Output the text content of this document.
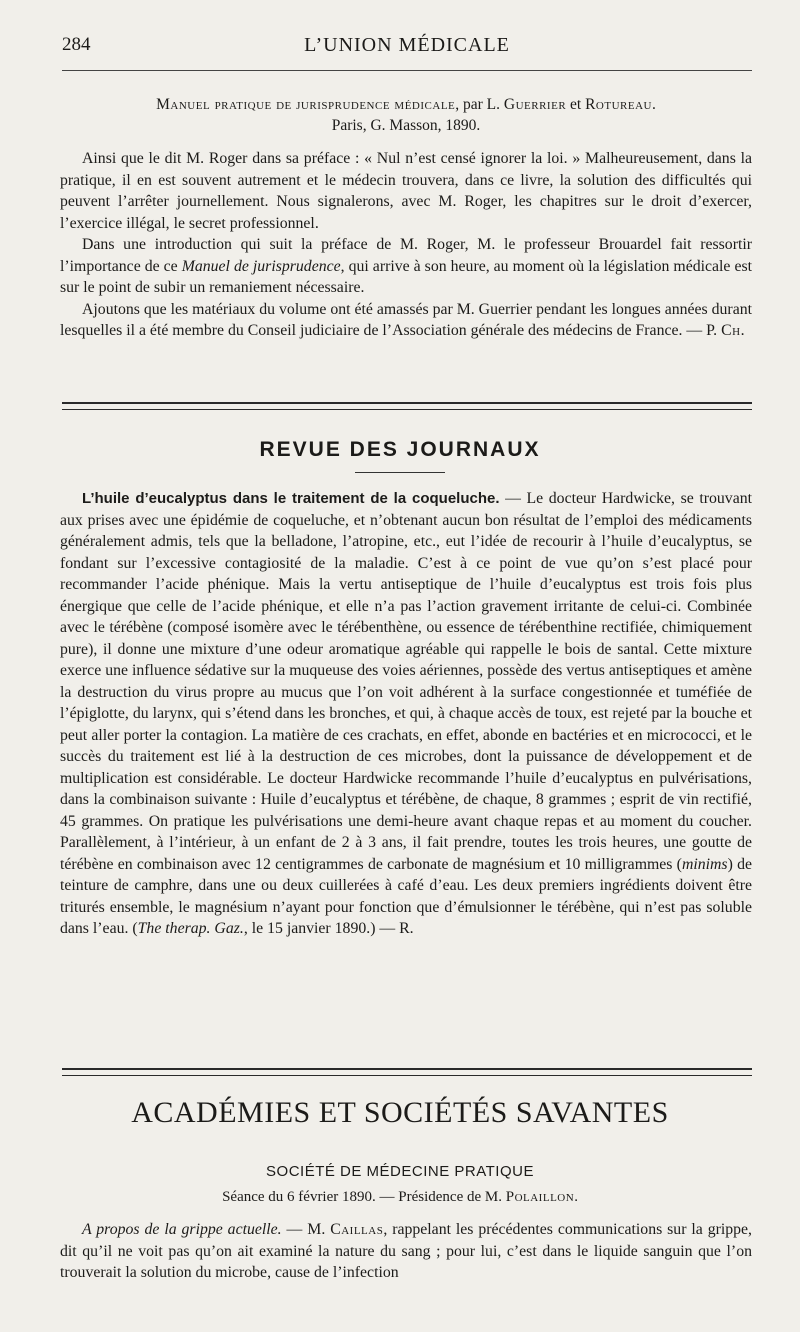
284	L’UNION MÉDICALE
Manuel pratique de jurisprudence médicale, par L. Guerrier et Rotureau.
Paris, G. Masson, 1890.

Ainsi que le dit M. Roger dans sa préface : « Nul n’est censé ignorer la loi. » Malheureusement, dans la pratique, il en est souvent autrement et le médecin trouvera, dans ce livre, la solution des difficultés qui peuvent l’arrêter journellement. Nous signalerons, avec M. Roger, les chapitres sur le droit d’exercer, l’exercice illégal, le secret professionnel.

Dans une introduction qui suit la préface de M. Roger, M. le professeur Brouardel fait ressortir l’importance de ce Manuel de jurisprudence, qui arrive à son heure, au moment où la législation médicale est sur le point de subir un remaniement nécessaire.

Ajoutons que les matériaux du volume ont été amassés par M. Guerrier pendant les longues années durant lesquelles il a été membre du Conseil judiciaire de l’Association générale des médecins de France. — P. Ch.

REVUE DES JOURNAUX

L’huile d’eucalyptus dans le traitement de la coqueluche. — Le docteur Hardwicke, se trouvant aux prises avec une épidémie de coqueluche, et n’obtenant aucun bon résultat de l’emploi des médicaments généralement admis, tels que la belladone, l’atropine, etc., eut l’idée de recourir à l’huile d’eucalyptus, se fondant sur l’excessive contagiosité de la maladie. C’est à ce point de vue qu’on s’est placé pour recommander l’acide phénique. Mais la vertu antiseptique de l’huile d’eucalyptus est trois fois plus énergique que celle de l’acide phénique, et elle n’a pas l’action gravement irritante de celui-ci. Combinée avec le térébène (composé isomère avec le térébenthène, ou essence de térébenthine rectifiée, chimiquement pure), il donne une mixture d’une odeur aromatique agréable qui rappelle le bois de santal. Cette mixture exerce une influence sédative sur la muqueuse des voies aériennes, possède des vertus antiseptiques et amène la destruction du virus propre au mucus que l’on voit adhérent à la surface congestionnée et tuméfiée de l’épiglotte, du larynx, qui s’étend dans les bronches, et qui, à chaque accès de toux, est rejeté par la bouche et peut aller porter la contagion. La matière de ces crachats, en effet, abonde en bactéries et en micrococci, et le succès du traitement est lié à la destruction de ces microbes, dont la puissance de développement et de multiplication est considérable. Le docteur Hardwicke recommande l’huile d’eucalyptus en pulvérisations, dans la combinaison suivante : Huile d’eucalyptus et térébène, de chaque, 8 grammes ; esprit de vin rectifié, 45 grammes. On pratique les pulvérisations une demi-heure avant chaque repas et au moment du coucher. Parallèlement, à l’intérieur, à un enfant de 2 à 3 ans, il fait prendre, toutes les trois heures, une goutte de térébène en combinaison avec 12 centigrammes de carbonate de magnésium et 10 milligrammes (minims) de teinture de camphre, dans une ou deux cuillerées à café d’eau. Les deux premiers ingrédients doivent être triturés ensemble, le magnésium n’ayant pour fonction que d’émulsionner le térébène, qui n’est pas soluble dans l’eau. (The therap. Gaz., le 15 janvier 1890.) — R.

ACADÉMIES ET SOCIÉTÉS SAVANTES
SOCIÉTÉ DE MÉDECINE PRATIQUE
Séance du 6 février 1890. — Présidence de M. Polaillon.

A propos de la grippe actuelle. — M. Caillas, rappelant les précédentes communications sur la grippe, dit qu’il ne voit pas qu’on ait examiné la nature du sang ; pour lui, c’est dans le liquide sanguin que l’on trouverait la solution du microbe, cause de l’infection
